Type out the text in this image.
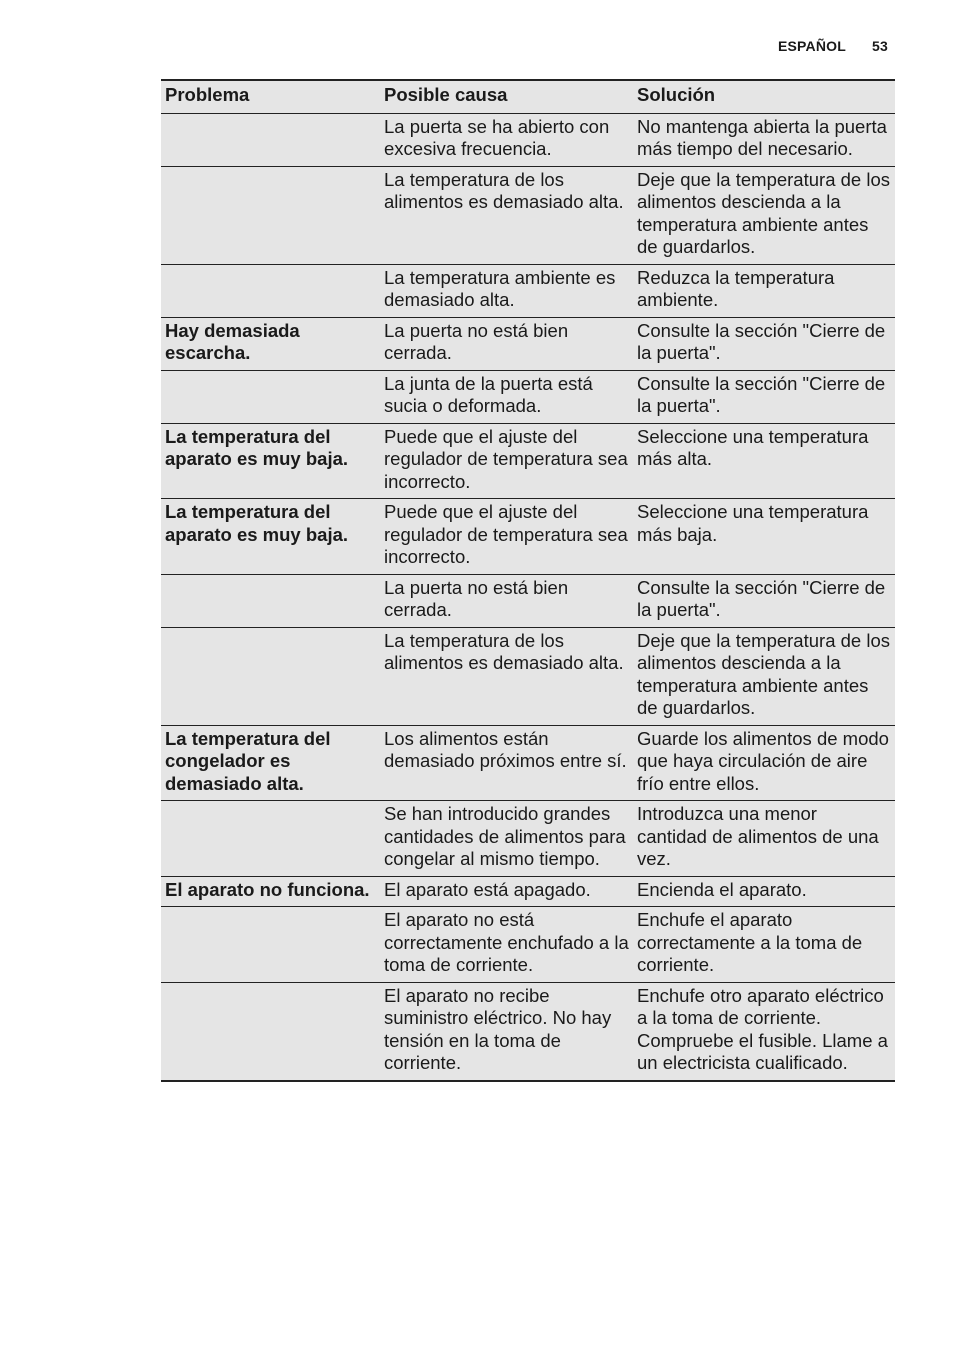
ESPAÑOL 53
Problema	Posible causa	Solución
	La puerta se ha abierto con excesiva frecuencia.	No mantenga abierta la puerta más tiempo del necesario.
	La temperatura de los alimentos es demasiado alta.	Deje que la temperatura de los alimentos descienda a la temperatura ambiente antes de guardarlos.
	La temperatura ambiente es demasiado alta.	Reduzca la temperatura ambiente.
Hay demasiada escarcha.	La puerta no está bien cerrada.	Consulte la sección "Cierre de la puerta".
	La junta de la puerta está sucia o deformada.	Consulte la sección "Cierre de la puerta".
La temperatura del aparato es muy baja.	Puede que el ajuste del regulador de temperatura sea incorrecto.	Seleccione una temperatura más alta.
La temperatura del aparato es muy baja.	Puede que el ajuste del regulador de temperatura sea incorrecto.	Seleccione una temperatura más baja.
	La puerta no está bien cerrada.	Consulte la sección "Cierre de la puerta".
	La temperatura de los alimentos es demasiado alta.	Deje que la temperatura de los alimentos descienda a la temperatura ambiente antes de guardarlos.
La temperatura del congelador es demasiado alta.	Los alimentos están demasiado próximos entre sí.	Guarde los alimentos de modo que haya circulación de aire frío entre ellos.
	Se han introducido grandes cantidades de alimentos para congelar al mismo tiempo.	Introduzca una menor cantidad de alimentos de una vez.
El aparato no funciona.	El aparato está apagado.	Encienda el aparato.
	El aparato no está correctamente enchufado a la toma de corriente.	Enchufe el aparato correctamente a la toma de corriente.
	El aparato no recibe suministro eléctrico. No hay tensión en la toma de corriente.	Enchufe otro aparato eléctrico a la toma de corriente. Compruebe el fusible. Llame a un electricista cualificado.
